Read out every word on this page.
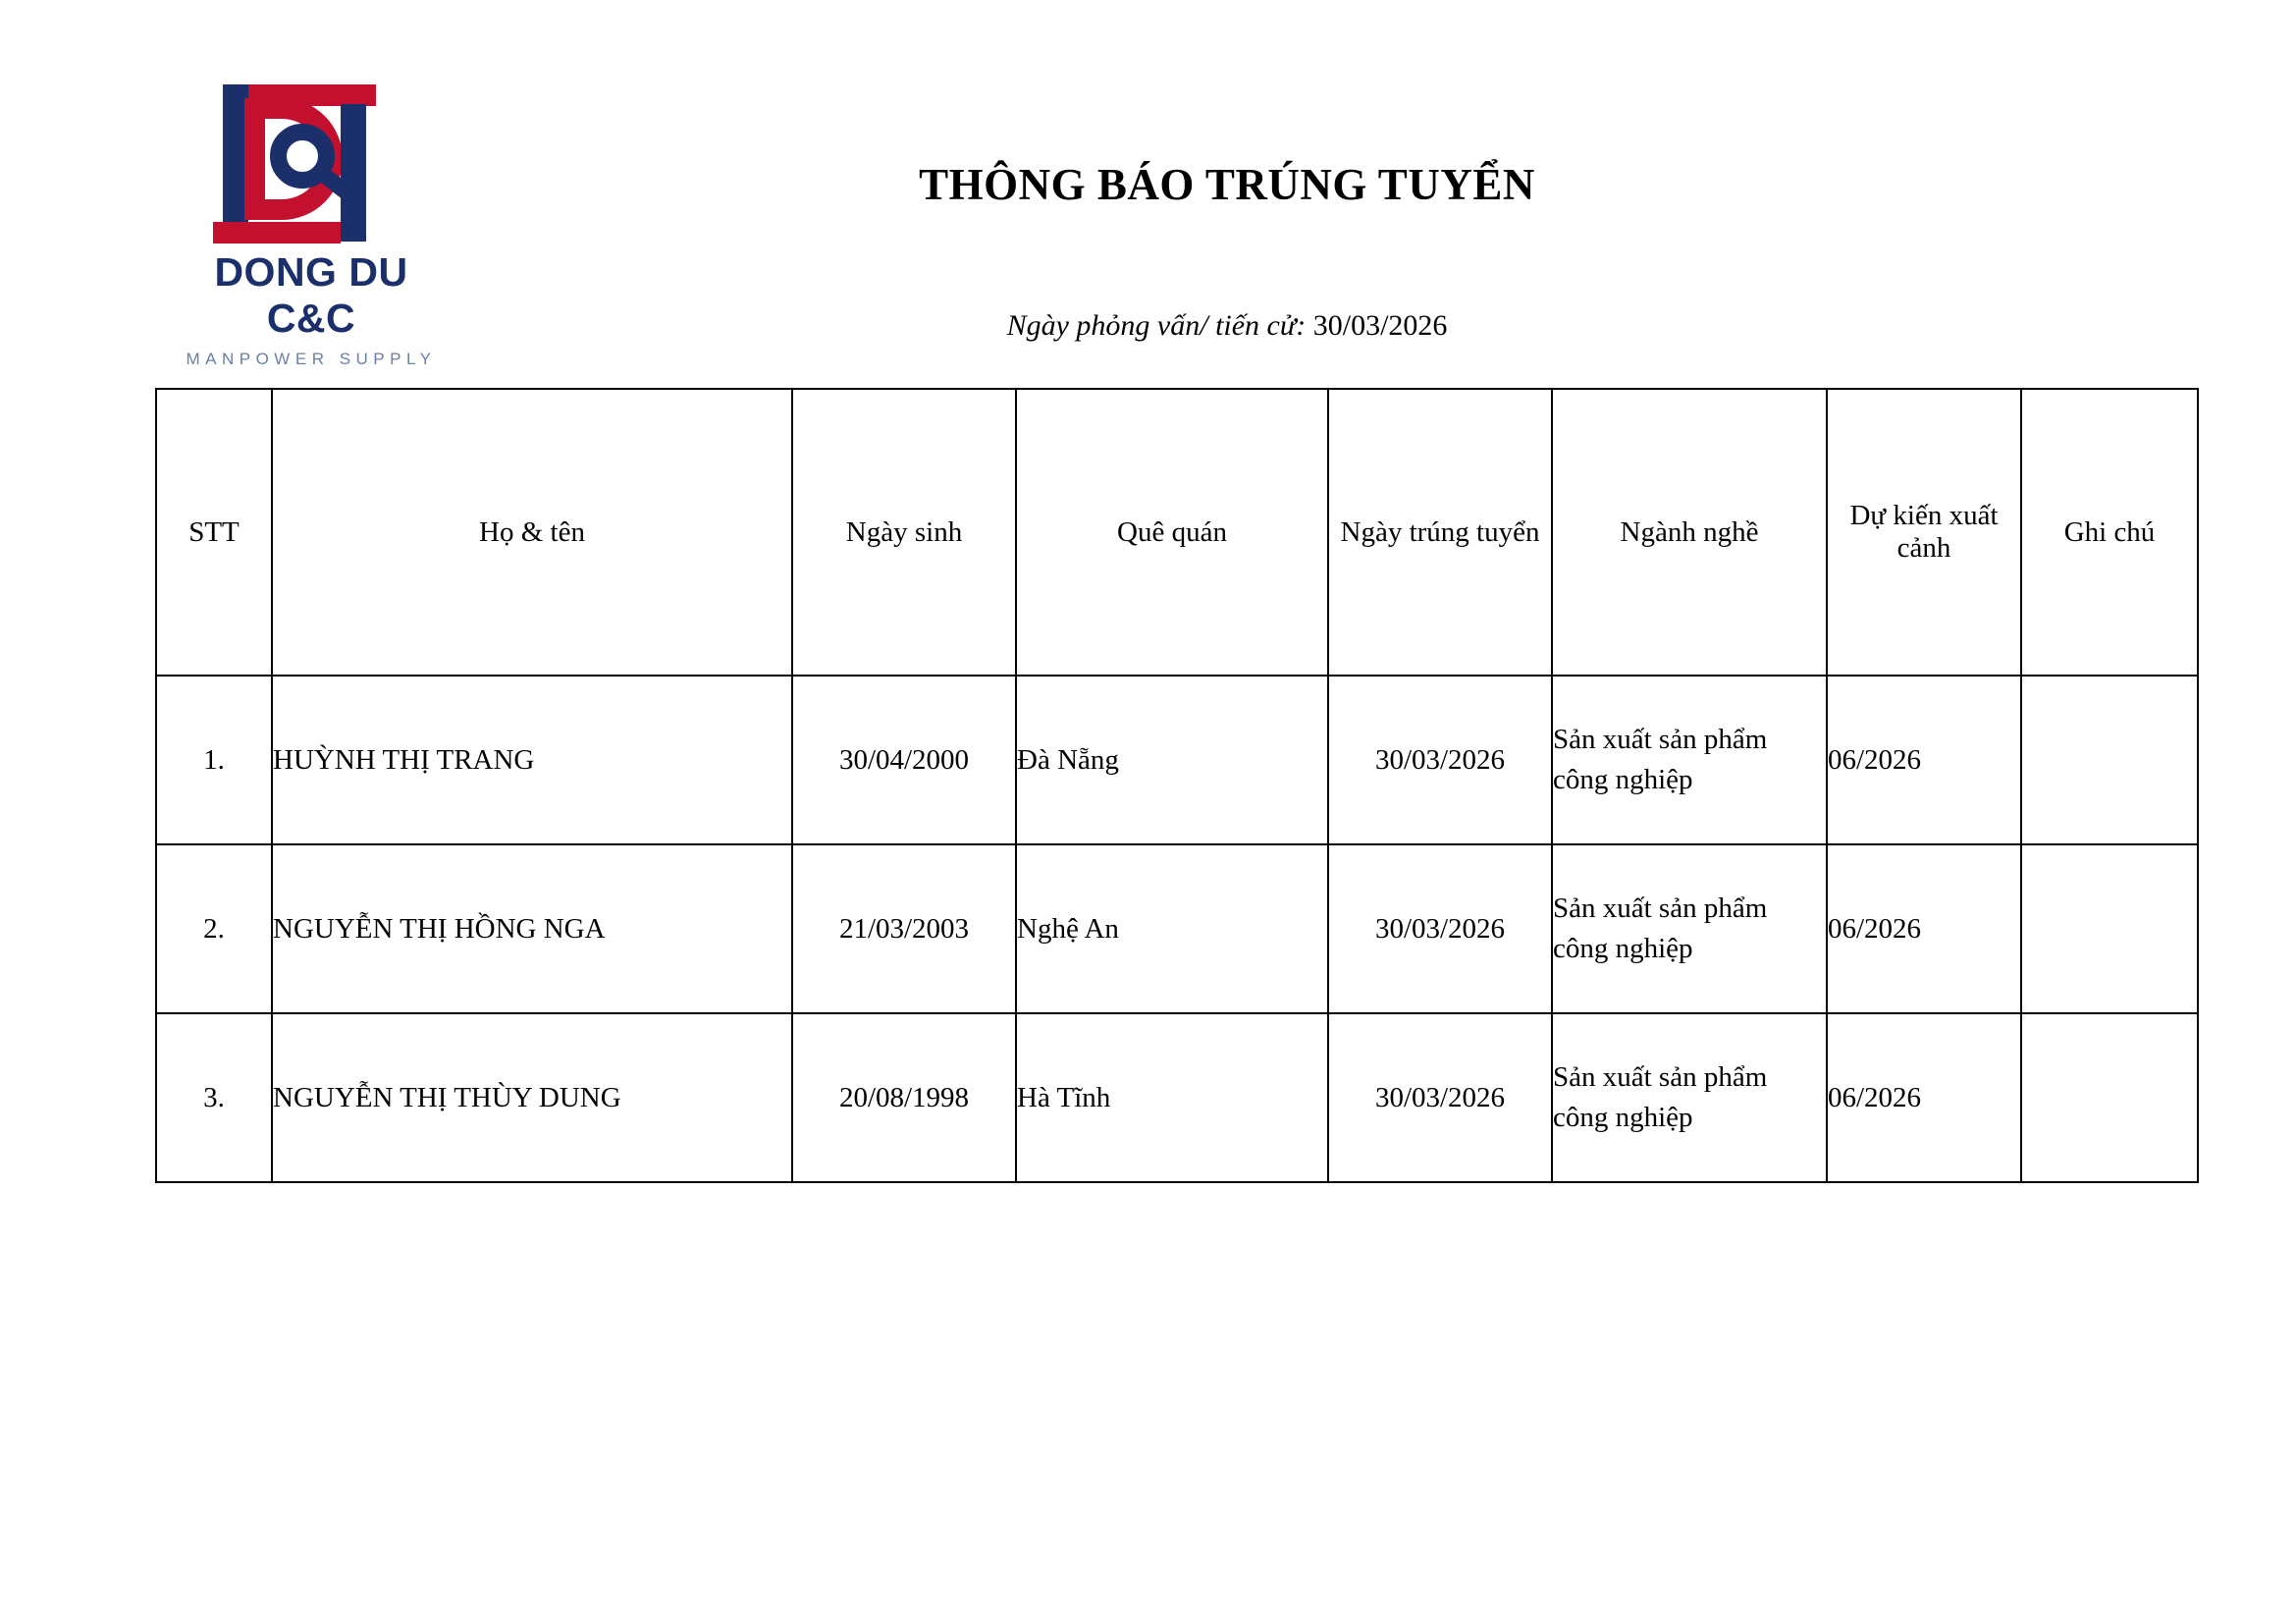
DONG DU C&C
MANPOWER SUPPLY
THÔNG BÁO TRÚNG TUYỂN
Ngày phỏng vấn/ tiến cử: 30/03/2026
STT	Họ & tên	Ngày sinh	Quê quán	Ngày trúng tuyển	Ngành nghề	Dự kiến xuất cảnh	Ghi chú
1.	HUỲNH THỊ TRANG	30/04/2000	Đà Nẵng	30/03/2026	Sản xuất sản phẩm công nghiệp	06/2026	
2.	NGUYỄN THỊ HỒNG NGA	21/03/2003	Nghệ An	30/03/2026	Sản xuất sản phẩm công nghiệp	06/2026	
3.	NGUYỄN THỊ THÙY DUNG	20/08/1998	Hà Tĩnh	30/03/2026	Sản xuất sản phẩm công nghiệp	06/2026	
